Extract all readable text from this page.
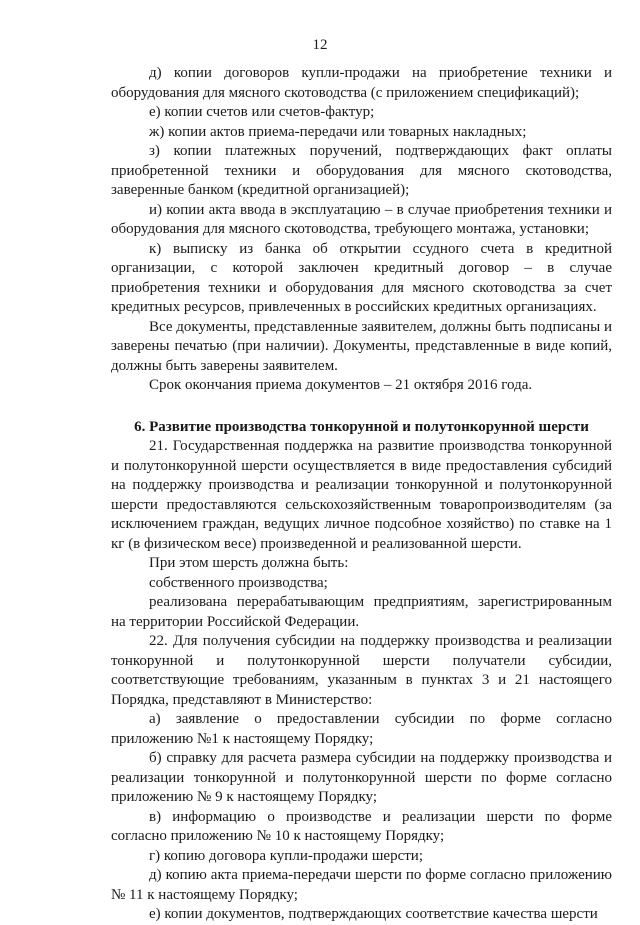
12

д) копии договоров купли-продажи на приобретение техники и оборудования для мясного скотоводства (с приложением спецификаций);

е) копии счетов или счетов-фактур;

ж) копии актов приема-передачи или товарных накладных;

з) копии платежных поручений, подтверждающих факт оплаты приобретенной техники и оборудования для мясного скотоводства, заверенные банком (кредитной организацией);

и) копии акта ввода в эксплуатацию – в случае приобретения техники и оборудования для мясного скотоводства, требующего монтажа, установки;

к) выписку из банка об открытии ссудного счета в кредитной организации, с которой заключен кредитный договор – в случае приобретения техники и оборудования для мясного скотоводства за счет кредитных ресурсов, привлеченных в российских кредитных организациях.

Все документы, представленные заявителем, должны быть подписаны и заверены печатью (при наличии). Документы, представленные в виде копий, должны быть заверены заявителем.

Срок окончания приема документов – 21 октября 2016 года.

6. Развитие производства тонкорунной и полутонкорунной шерсти

21. Государственная поддержка на развитие производства тонкорунной и полутонкорунной шерсти осуществляется в виде предоставления субсидий на поддержку производства и реализации тонкорунной и полутонкорунной шерсти предоставляются сельскохозяйственным товаропроизводителям (за исключением граждан, ведущих личное подсобное хозяйство) по ставке на 1 кг (в физическом весе) произведенной и реализованной шерсти.

При этом шерсть должна быть:

собственного производства;

реализована перерабатывающим предприятиям, зарегистрированным на территории Российской Федерации.

22. Для получения субсидии на поддержку производства и реализации тонкорунной и полутонкорунной шерсти получатели субсидии, соответствующие требованиям, указанным в пунктах 3 и 21 настоящего Порядка, представляют в Министерство:

а) заявление о предоставлении субсидии по форме согласно приложению №1 к настоящему Порядку;

б) справку для расчета размера субсидии на поддержку производства и реализации тонкорунной и полутонкорунной шерсти по форме согласно приложению № 9 к настоящему Порядку;

в) информацию о производстве и реализации шерсти по форме согласно приложению № 10 к настоящему Порядку;

г) копию договора купли-продажи шерсти;

д) копию акта приема-передачи шерсти по форме согласно приложению № 11 к настоящему Порядку;

е) копии документов, подтверждающих соответствие качества шерсти
